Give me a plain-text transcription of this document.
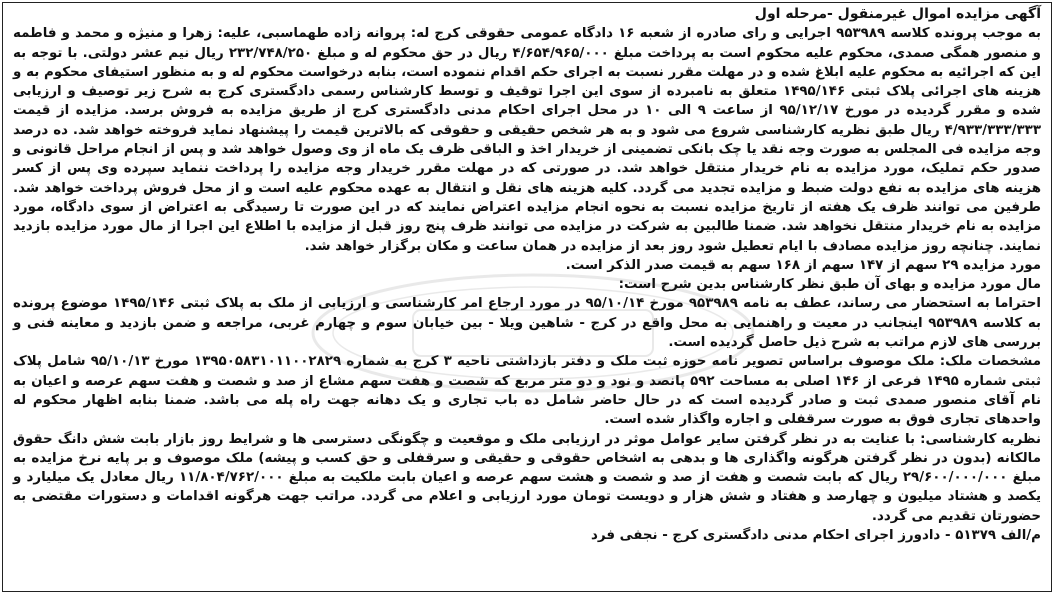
آگهی مزایده اموال غیرمنقول -مرحله اول

به موجب پرونده کلاسه ۹۵۳۹۸۹ اجرایی و رای صادره از شعبه ۱۶ دادگاه عمومی حقوقی کرج له: پروانه زاده طهماسبی، علیه: زهرا و منیژه و محمد و فاطمه و منصور همگی صمدی، محکوم علیه محکوم است به پرداخت مبلغ ۴/۶۵۴/۹۶۵/۰۰۰ ریال در حق محکوم له و مبلغ ۲۳۲/۷۴۸/۲۵۰ ریال نیم عشر دولتی. با توجه به این که اجرائیه به محکوم علیه ابلاغ شده و در مهلت مقرر نسبت به اجرای حکم اقدام ننموده است، بنابه درخواست محکوم له و به منظور استیفای محکوم به و هزینه های اجرائی پلاک ثبتی ۱۴۹۵/۱۴۶ متعلق به نامبرده از سوی این اجرا توقیف و توسط کارشناس رسمی دادگستری کرج به شرح زیر توصیف و ارزیابی شده و مقرر گردیده در مورخ ۹۵/۱۲/۱۷ از ساعت ۹ الی ۱۰ در محل اجرای احکام مدنی دادگستری کرج از طریق مزایده به فروش برسد. مزایده از قیمت ۴/۹۳۳/۳۳۳/۳۳۳ ریال طبق نظریه کارشناسی شروع می شود و به هر شخص حقیقی و حقوقی که بالاترین قیمت را پیشنهاد نماید فروخته خواهد شد. ده درصد وجه مزایده فی المجلس به صورت وجه نقد یا چک بانکی تضمینی از خریدار اخذ و الباقی ظرف یک ماه از وی وصول خواهد شد و پس از انجام مراحل قانونی و صدور حکم تملیک، مورد مزایده به نام خریدار منتقل خواهد شد. در صورتی که در مهلت مقرر خریدار وجه مزایده را پرداخت ننماید سپرده وی پس از کسر هزینه های مزایده به نفع دولت ضبط و مزایده تجدید می گردد. کلیه هزینه های نقل و انتقال به عهده محکوم علیه است و از محل فروش پرداخت خواهد شد. طرفین می توانند ظرف یک هفته از تاریخ مزایده نسبت به نحوه انجام مزایده اعتراض نمایند که در این صورت تا رسیدگی به اعتراض از سوی دادگاه، مورد مزایده به نام خریدار منتقل نخواهد شد. ضمنا طالبین به شرکت در مزایده می توانند ظرف پنج روز قبل از مزایده با اطلاع این اجرا از مال مورد مزایده بازدید نمایند. چنانچه روز مزایده مصادف با ایام تعطیل شود روز بعد از مزایده در همان ساعت و مکان برگزار خواهد شد.

مورد مزایده ۲۹ سهم از ۱۴۷ سهم از ۱۶۸ سهم به قیمت صدر الذکر است.

مال مورد مزایده و بهای آن طبق نظر کارشناس بدین شرح است:

احتراما به استحضار می رساند، عطف به نامه ۹۵۳۹۸۹ مورخ ۹۵/۱۰/۱۴ در مورد ارجاع امر کارشناسی و ارزیابی از ملک به پلاک ثبتی ۱۴۹۵/۱۴۶ موضوع پرونده به کلاسه ۹۵۳۹۸۹ اینجانب در معیت و راهنمایی به محل واقع در کرج - شاهین ویلا - بین خیابان سوم و چهارم غربی، مراجعه و ضمن بازدید و معاینه فنی و بررسی های لازم مراتب به شرح ذیل حاصل گردیده است.

مشخصات ملک: ملک موصوف براساس تصویر نامه حوزه ثبت ملک و دفتر بازداشتی ناحیه ۳ کرج به شماره ۱۳۹۵۰۵۸۳۱۰۱۱۰۰۲۸۲۹ مورخ ۹۵/۱۰/۱۳ شامل پلاک ثبتی شماره ۱۴۹۵ فرعی از ۱۴۶ اصلی به مساحت ۵۹۲ پانصد و نود و دو متر مربع که شصت و هفت سهم مشاع از صد و شصت و هفت سهم عرصه و اعیان به نام آقای منصور صمدی ثبت و صادر گردیده است که در حال حاضر شامل ده باب تجاری و یک دهانه جهت راه پله می باشد. ضمنا بنابه اظهار محکوم له واحدهای تجاری فوق به صورت سرقفلی و اجاره واگذار شده است.

نظریه کارشناسی: با عنایت به در نظر گرفتن سایر عوامل موثر در ارزیابی ملک و موقعیت و چگونگی دسترسی ها و شرایط روز بازار بابت شش دانگ حقوق مالکانه (بدون در نظر گرفتن هرگونه واگذاری ها و بدهی به اشخاص حقوقی و حقیقی و سرقفلی و حق کسب و پیشه) ملک موصوف و بر پایه نرخ مزایده به مبلغ ۲۹/۶۰۰/۰۰۰/۰۰۰ ریال که بابت شصت و هفت از صد و شصت و هشت سهم عرصه و اعیان بابت ملکیت به مبلغ ۱۱/۸۰۴/۷۶۲/۰۰۰ ریال معادل یک میلیارد و یکصد و هشتاد میلیون و چهارصد و هفتاد و شش هزار و دویست تومان مورد ارزیابی و اعلام می گردد. مراتب جهت هرگونه اقدامات و دستورات مقتضی به حضورتان تقدیم می گردد.

م/الف ۵۱۳۷۹ - دادورز اجرای احکام مدنی دادگستری کرج - نجفی فرد
